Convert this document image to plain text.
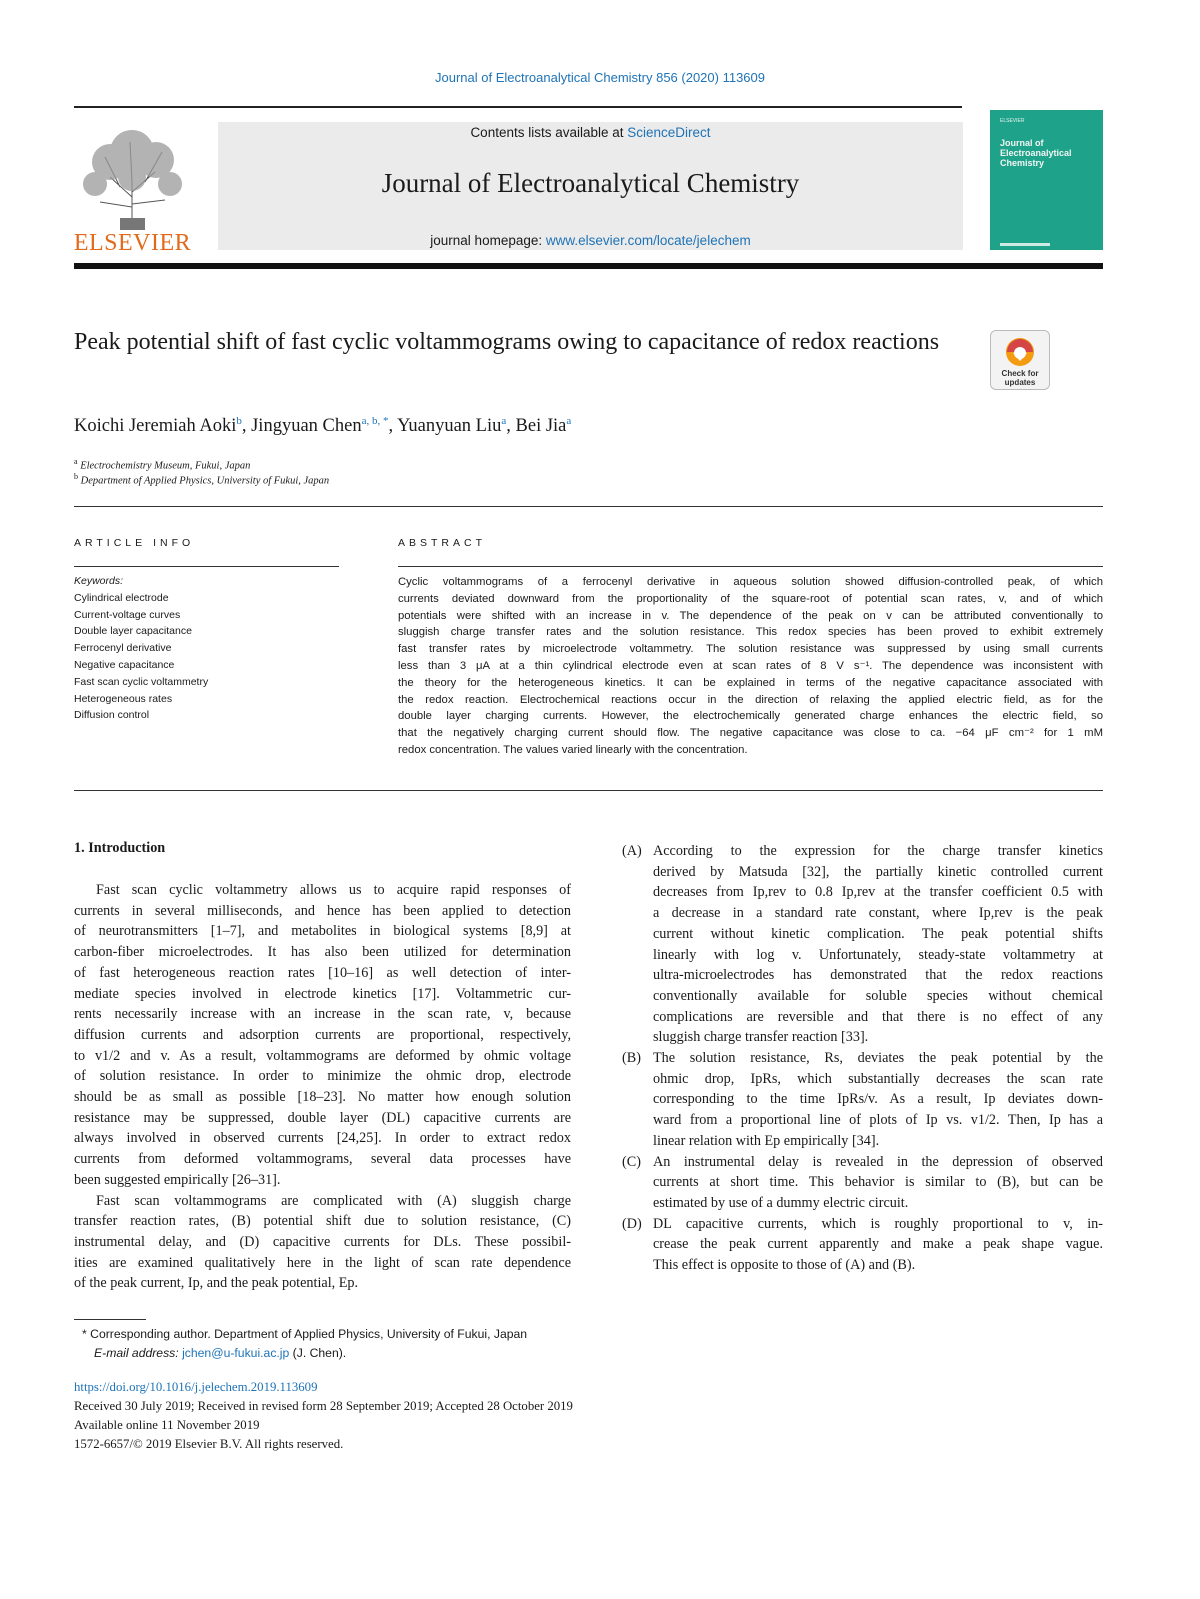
Journal of Electroanalytical Chemistry 856 (2020) 113609
ELSEVIER
Contents lists available at ScienceDirect
Journal of Electroanalytical Chemistry
journal homepage: www.elsevier.com/locate/jelechem
ELSEVIER
Journal of Electroanalytical Chemistry
Peak potential shift of fast cyclic voltammograms owing to capacitance of redox reactions
Check for updates
Koichi Jeremiah Aoki$^b$, Jingyuan Chen$^{a, b, *}$, Yuanyuan Liu$^a$, Bei Jia$^a$
$^a$ Electrochemistry Museum, Fukui, Japan
$^b$ Department of Applied Physics, University of Fukui, Japan
ARTICLE INFO	ABSTRACT
Keywords:
Cylindrical electrode
Current-voltage curves
Double layer capacitance
Ferrocenyl derivative
Negative capacitance
Fast scan cyclic voltammetry
Heterogeneous rates
Diffusion control
Cyclic voltammograms of a ferrocenyl derivative in aqueous solution showed diffusion-controlled peak, of which
currents deviated downward from the proportionality of the square-root of potential scan rates, v, and of which
potentials were shifted with an increase in v. The dependence of the peak on v can be attributed conventionally to
sluggish charge transfer rates and the solution resistance. This redox species has been proved to exhibit extremely
fast transfer rates by microelectrode voltammetry. The solution resistance was suppressed by using small currents
less than 3 μA at a thin cylindrical electrode even at scan rates of 8 V s⁻¹. The dependence was inconsistent with
the theory for the heterogeneous kinetics. It can be explained in terms of the negative capacitance associated with
the redox reaction. Electrochemical reactions occur in the direction of relaxing the applied electric field, as for the
double layer charging currents. However, the electrochemically generated charge enhances the electric field, so
that the negatively charging current should flow. The negative capacitance was close to ca. −64 μF cm⁻² for 1 mM
redox concentration. The values varied linearly with the concentration.
1. Introduction
Fast scan cyclic voltammetry allows us to acquire rapid responses of
currents in several milliseconds, and hence has been applied to detection
of neurotransmitters [1–7], and metabolites in biological systems [8,9] at
carbon-fiber microelectrodes. It has also been utilized for determination
of fast heterogeneous reaction rates [10–16] as well detection of inter-
mediate species involved in electrode kinetics [17]. Voltammetric cur-
rents necessarily increase with an increase in the scan rate, v, because
diffusion currents and adsorption currents are proportional, respectively,
to v1/2 and v. As a result, voltammograms are deformed by ohmic voltage
of solution resistance. In order to minimize the ohmic drop, electrode
should be as small as possible [18–23]. No matter how enough solution
resistance may be suppressed, double layer (DL) capacitive currents are
always involved in observed currents [24,25]. In order to extract redox
currents from deformed voltammograms, several data processes have
been suggested empirically [26–31].
Fast scan voltammograms are complicated with (A) sluggish charge
transfer reaction rates, (B) potential shift due to solution resistance, (C)
instrumental delay, and (D) capacitive currents for DLs. These possibil-
ities are examined qualitatively here in the light of scan rate dependence
of the peak current, Ip, and the peak potential, Ep.
(A) According to the expression for the charge transfer kinetics
derived by Matsuda [32], the partially kinetic controlled current
decreases from Ip,rev to 0.8 Ip,rev at the transfer coefficient 0.5 with
a decrease in a standard rate constant, where Ip,rev is the peak
current without kinetic complication. The peak potential shifts
linearly with log v. Unfortunately, steady-state voltammetry at
ultra-microelectrodes has demonstrated that the redox reactions
conventionally available for soluble species without chemical
complications are reversible and that there is no effect of any
sluggish charge transfer reaction [33].
(B) The solution resistance, Rs, deviates the peak potential by the
ohmic drop, IpRs, which substantially decreases the scan rate
corresponding to the time IpRs/v. As a result, Ip deviates down-
ward from a proportional line of plots of Ip vs. v1/2. Then, Ip has a
linear relation with Ep empirically [34].
(C) An instrumental delay is revealed in the depression of observed
currents at short time. This behavior is similar to (B), but can be
estimated by use of a dummy electric circuit.
(D) DL capacitive currents, which is roughly proportional to v, in-
crease the peak current apparently and make a peak shape vague.
This effect is opposite to those of (A) and (B).
* Corresponding author. Department of Applied Physics, University of Fukui, Japan
E-mail address: jchen@u-fukui.ac.jp (J. Chen).
https://doi.org/10.1016/j.jelechem.2019.113609
Received 30 July 2019; Received in revised form 28 September 2019; Accepted 28 October 2019
Available online 11 November 2019
1572-6657/© 2019 Elsevier B.V. All rights reserved.
